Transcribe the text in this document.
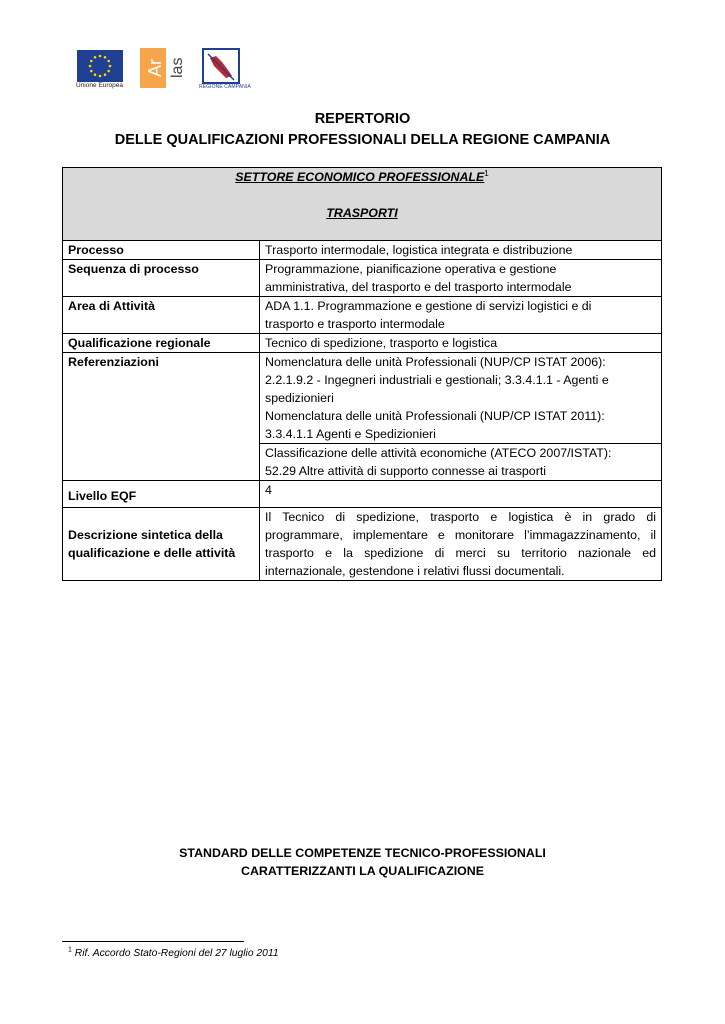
Unione Europea
Ar las
REGIONE CAMPANIA
REPERTORIO
DELLE QUALIFICAZIONI PROFESSIONALI DELLA REGIONE CAMPANIA
SETTORE ECONOMICO PROFESSIONALE$^1$
TRASPORTI	

Processo	Trasporto intermodale, logistica integrata e distribuzione

Sequenza di processo	Programmazione, pianificazione operativa e gestione
amministrativa, del trasporto e del trasporto intermodale

Area di Attività	ADA 1.1. Programmazione e gestione di servizi logistici e di
trasporto e trasporto intermodale

Qualificazione regionale	Tecnico di spedizione, trasporto e logistica

Referenziazioni	Nomenclatura delle unità Professionali (NUP/CP ISTAT 2006):
2.2.1.9.2 - Ingegneri industriali e gestionali; 3.3.4.1.1 - Agenti e
spedizionieri
Nomenclatura delle unità Professionali (NUP/CP ISTAT 2011):
3.3.4.1.1 Agenti e Spedizionieri

	Classificazione delle attività economiche (ATECO 2007/ISTAT):
52.29 Altre attività di supporto connesse ai trasporti

Livello EQF	4

Descrizione sintetica della
qualificazione e delle attività	Il Tecnico di spedizione, trasporto e logistica è in grado di programmare, implementare e monitorare l’immagazzinamento, il trasporto e la spedizione di merci su territorio nazionale ed internazionale, gestendone i relativi flussi documentali.
STANDARD DELLE COMPETENZE TECNICO-PROFESSIONALI
CARATTERIZZANTI LA QUALIFICAZIONE
$^1$ Rif. Accordo Stato-Regioni del 27 luglio 2011
